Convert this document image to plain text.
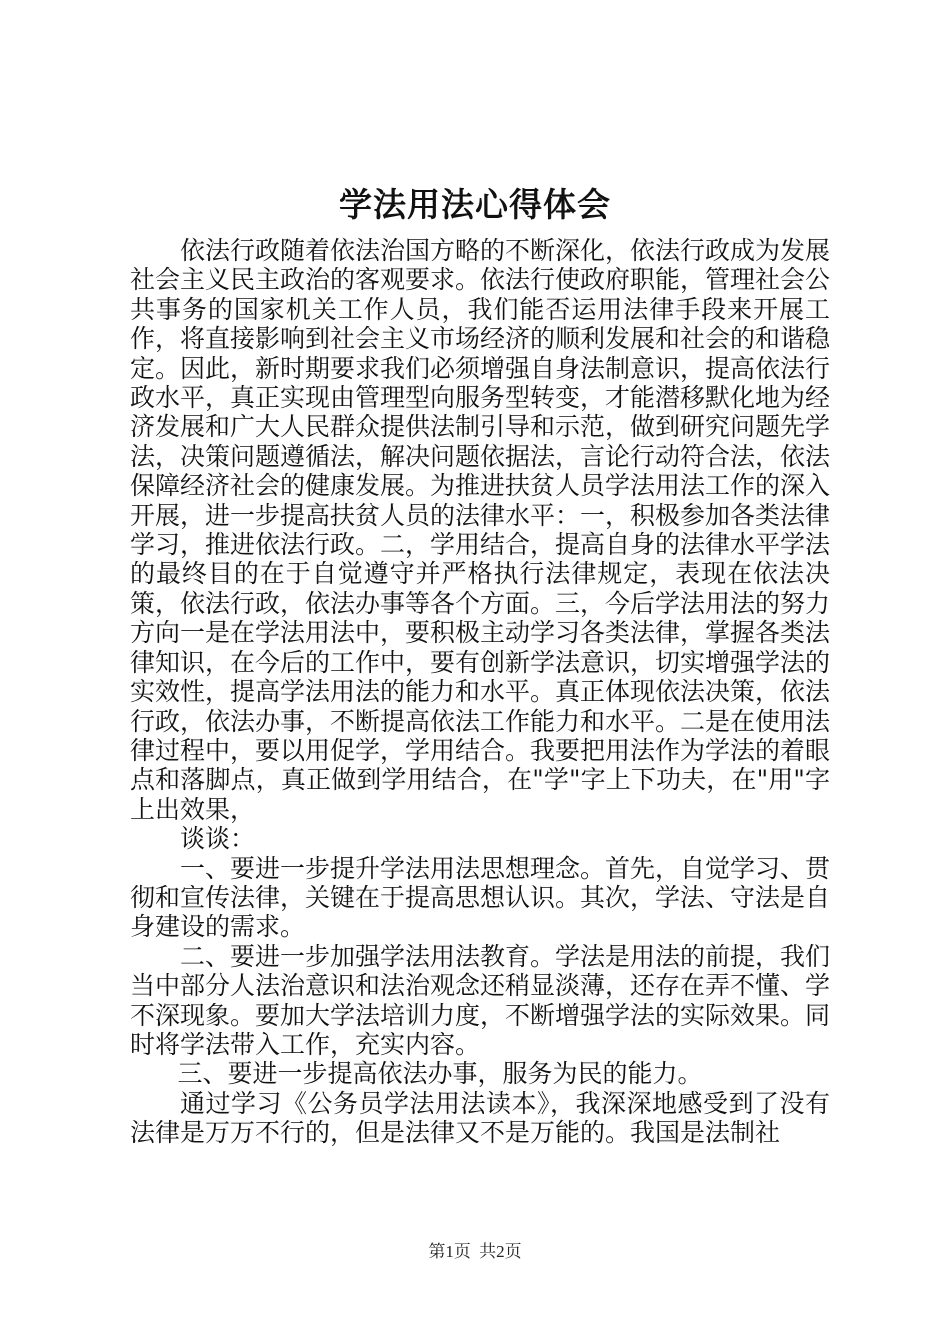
学法用法心得体会

依法行政随着依法治国方略的不断深化，依法行政成为发展社会主义民主政治的客观要求。依法行使政府职能，管理社会公共事务的国家机关工作人员，我们能否运用法律手段来开展工作，将直接影响到社会主义市场经济的顺利发展和社会的和谐稳定。因此，新时期要求我们必须增强自身法制意识，提高依法行政水平，真正实现由管理型向服务型转变，才能潜移默化地为经济发展和广大人民群众提供法制引导和示范，做到研究问题先学法，决策问题遵循法，解决问题依据法，言论行动符合法，依法保障经济社会的健康发展。为推进扶贫人员学法用法工作的深入开展，进一步提高扶贫人员的法律水平：一，积极参加各类法律学习，推进依法行政。二，学用结合，提高自身的法律水平学法的最终目的在于自觉遵守并严格执行法律规定，表现在依法决策，依法行政，依法办事等各个方面。三，今后学法用法的努力方向一是在学法用法中，要积极主动学习各类法律，掌握各类法律知识，在今后的工作中，要有创新学法意识，切实增强学法的实效性，提高学法用法的能力和水平。真正体现依法决策，依法行政，依法办事，不断提高依法工作能力和水平。二是在使用法律过程中，要以用促学，学用结合。我要把用法作为学法的着眼点和落脚点，真正做到学用结合，在"学"字上下功夫，在"用"字上出效果，

谈谈：

一、要进一步提升学法用法思想理念。首先，自觉学习、贯彻和宣传法律，关键在于提高思想认识。其次，学法、守法是自身建设的需求。

二、要进一步加强学法用法教育。学法是用法的前提，我们当中部分人法治意识和法治观念还稍显淡薄，还存在弄不懂、学不深现象。要加大学法培训力度，不断增强学法的实际效果。同时将学法带入工作，充实内容。

三、要进一步提高依法办事，服务为民的能力。

通过学习《公务员学法用法读本》，我深深地感受到了没有法律是万万不行的，但是法律又不是万能的。我国是法制社

第1页 共2页
